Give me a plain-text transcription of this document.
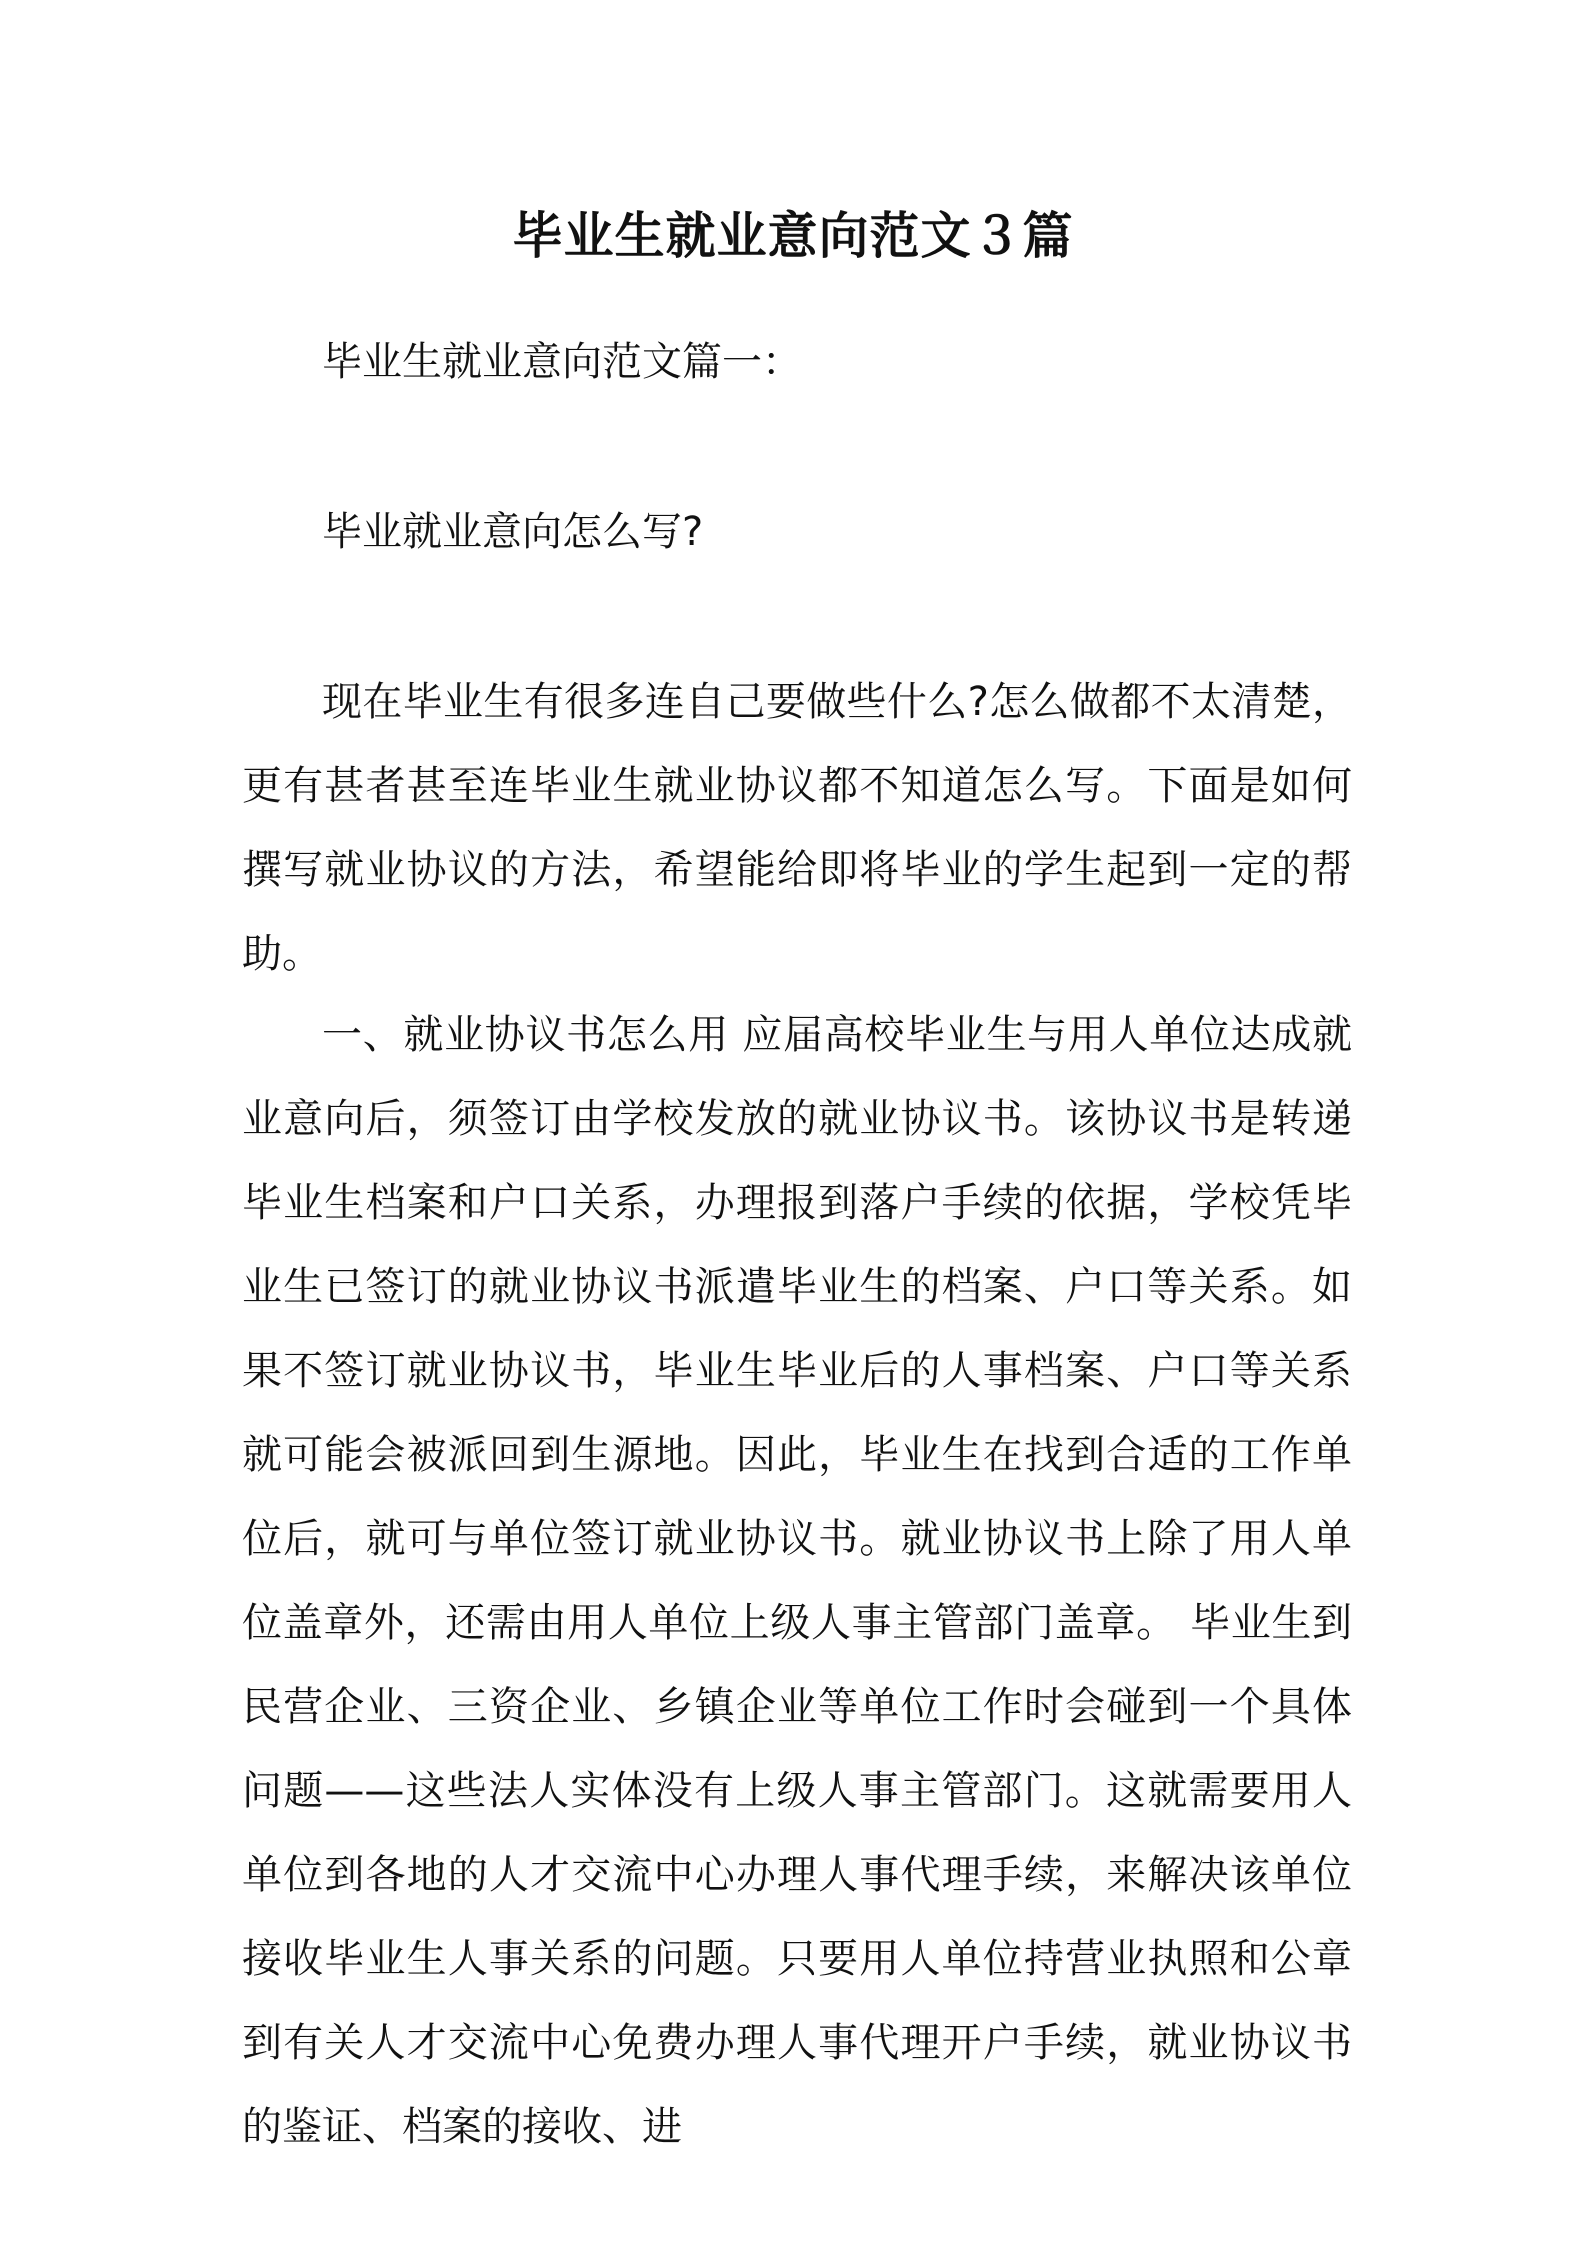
毕业生就业意向范文３篇

毕业生就业意向范文篇一：

毕业就业意向怎么写?

现在毕业生有很多连自己要做些什么?怎么做都不太清楚，更有甚者甚至连毕业生就业协议都不知道怎么写。下面是如何撰写就业协议的方法，希望能给即将毕业的学生起到一定的帮助。

一、就业协议书怎么用 应届高校毕业生与用人单位达成就业意向后，须签订由学校发放的就业协议书。该协议书是转递毕业生档案和户口关系，办理报到落户手续的依据，学校凭毕业生已签订的就业协议书派遣毕业生的档案、户口等关系。如果不签订就业协议书，毕业生毕业后的人事档案、户口等关系就可能会被派回到生源地。因此，毕业生在找到合适的工作单位后，就可与单位签订就业协议书。就业协议书上除了用人单位盖章外，还需由用人单位上级人事主管部门盖章。 毕业生到民营企业、三资企业、乡镇企业等单位工作时会碰到一个具体问题——这些法人实体没有上级人事主管部门。这就需要用人单位到各地的人才交流中心办理人事代理手续，来解决该单位接收毕业生人事关系的问题。只要用人单位持营业执照和公章到有关人才交流中心免费办理人事代理开户手续，就业协议书的鉴证、档案的接收、进
